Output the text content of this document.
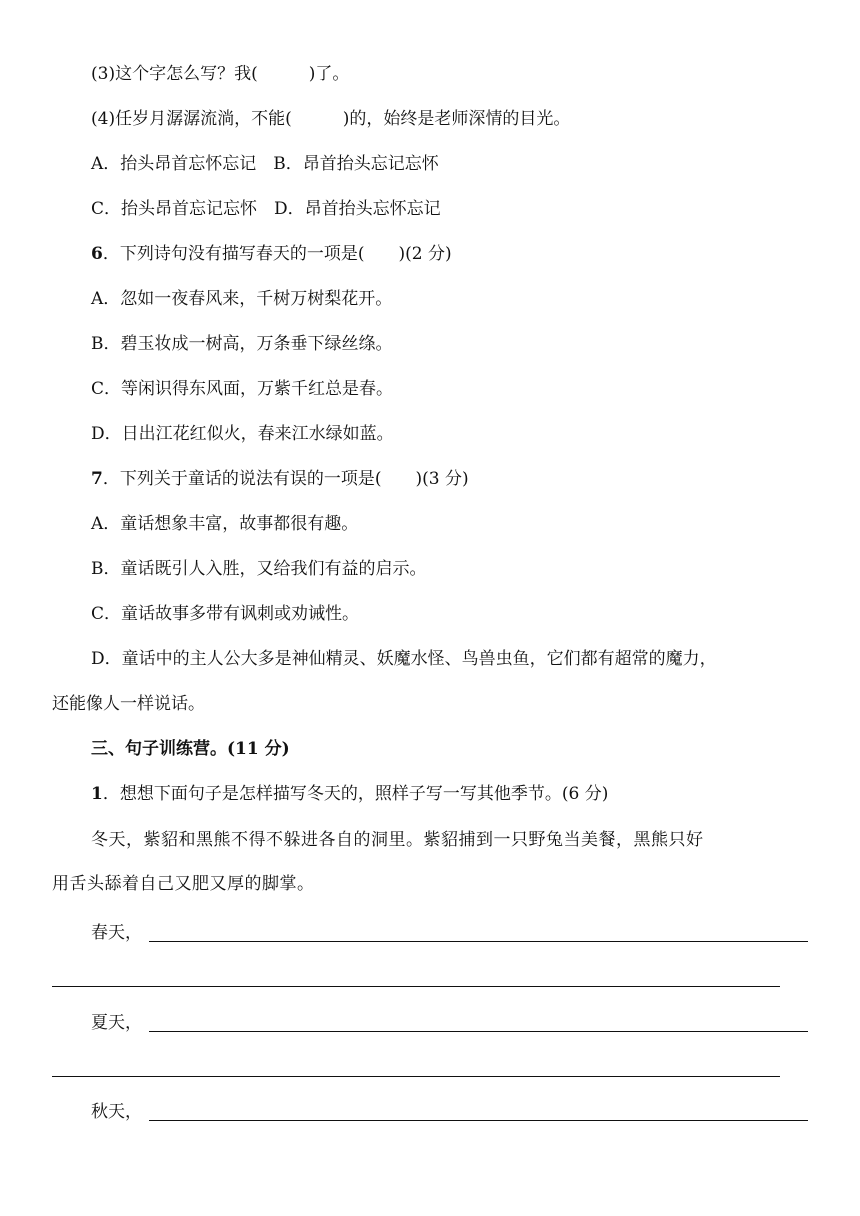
(3)这个字怎么写？我(　　　)了。
(4)任岁月潺潺流淌，不能(　　　)的，始终是老师深情的目光。
A．抬头昂首忘怀忘记　B．昂首抬头忘记忘怀
C．抬头昂首忘记忘怀　D．昂首抬头忘怀忘记
6．下列诗句没有描写春天的一项是(　　)(2 分)
A．忽如一夜春风来，千树万树梨花开。
B．碧玉妆成一树高，万条垂下绿丝绦。
C．等闲识得东风面，万紫千红总是春。
D．日出江花红似火，春来江水绿如蓝。
7．下列关于童话的说法有误的一项是(　　)(3 分)
A．童话想象丰富，故事都很有趣。
B．童话既引人入胜，又给我们有益的启示。
C．童话故事多带有讽刺或劝诫性。
D．童话中的主人公大多是神仙精灵、妖魔水怪、鸟兽虫鱼，它们都有超常的魔力，
还能像人一样说话。
三、句子训练营。(11 分)
1．想想下面句子是怎样描写冬天的，照样子写一写其他季节。(6 分)
冬天，紫貂和黑熊不得不躲进各自的洞里。紫貂捕到一只野兔当美餐，黑熊只好
用舌头舔着自己又肥又厚的脚掌。
春天，
夏天，
秋天，
